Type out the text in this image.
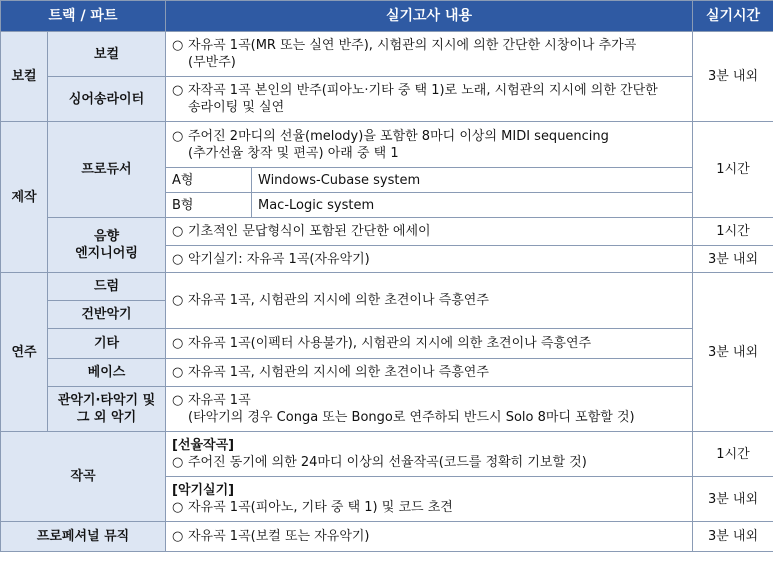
트랙 / 파트		실기고사 내용		실기시간
보컬	보컬	○ 자유곡 1곡(MR 또는 실연 반주), 시험관의 지시에 의한 간단한 시창이나 추가곡
(무반주)		3분 내외
	싱어송라이터	○ 자작곡 1곡 본인의 반주(피아노·기타 중 택 1)로 노래, 시험관의 지시에 의한 간단한
송라이팅 및 실연		

제작	프로듀서	○ 주어진 2마디의 선율(melody)을 포함한 8마디 이상의 MIDI sequencing
(추가선율 창작 및 편곡) 아래 중 택 1		1시간
		A형	Windows-Cubase system	
		B형	Mac-Logic system	

	음향
엔지니어링	○ 기초적인 문답형식이 포함된 간단한 에세이		1시간
		○ 악기실기: 자유곡 1곡(자유악기)		3분 내외
연주	드럼	○ 자유곡 1곡, 시험관의 지시에 의한 초견이나 즉흥연주		3분 내외
	건반악기			
	기타	○ 자유곡 1곡(이펙터 사용불가), 시험관의 지시에 의한 초견이나 즉흥연주		
	베이스	○ 자유곡 1곡, 시험관의 지시에 의한 초견이나 즉흥연주		

	관악기·타악기 및
그 외 악기	○ 자유곡 1곡
(타악기의 경우 Conga 또는 Bongo로 연주하되 반드시 Solo 8마디 포함할 것)		

작곡		[선율작곡]
○ 주어진 동기에 의한 24마디 이상의 선율작곡(코드를 정확히 기보할 것)		1시간

		[악기실기]
○ 자유곡 1곡(피아노, 기타 중 택 1) 및 코드 초견		3분 내외
프로페셔널 뮤직		○ 자유곡 1곡(보컬 또는 자유악기)		3분 내외
